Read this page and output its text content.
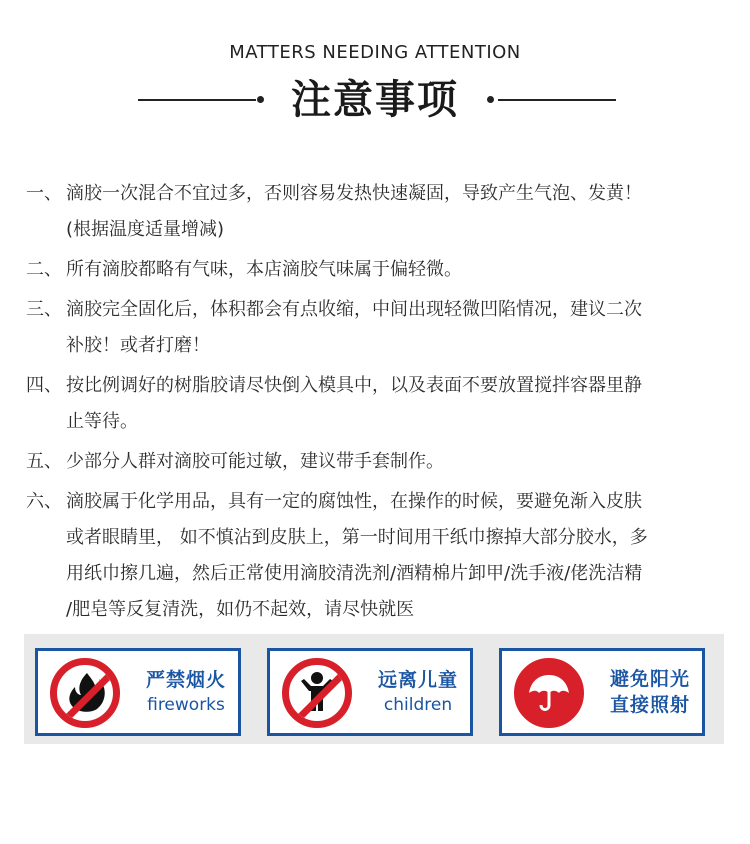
MATTERS NEEDING ATTENTION
注意事项
一、 滴胶一次混合不宜过多，否则容易发热快速凝固，导致产生气泡、发黄！
(根据温度适量增减)
二、 所有滴胶都略有气味，本店滴胶气味属于偏轻微。
三、 滴胶完全固化后，体积都会有点收缩，中间出现轻微凹陷情况，建议二次
补胶！或者打磨！
四、 按比例调好的树脂胶请尽快倒入模具中，以及表面不要放置搅拌容器里静
止等待。
五、 少部分人群对滴胶可能过敏，建议带手套制作。
六、 滴胶属于化学用品，具有一定的腐蚀性，在操作的时候，要避免渐入皮肤
或者眼睛里， 如不慎沾到皮肤上，第一时间用干纸巾擦掉大部分胶水，多
用纸巾擦几遍，然后正常使用滴胶清洗剂/酒精棉片卸甲/洗手液/佬洗洁精
/肥皂等反复清洗，如仍不起效，请尽快就医
严禁烟火
fireworks
远离儿童
children
避免阳光
直接照射
